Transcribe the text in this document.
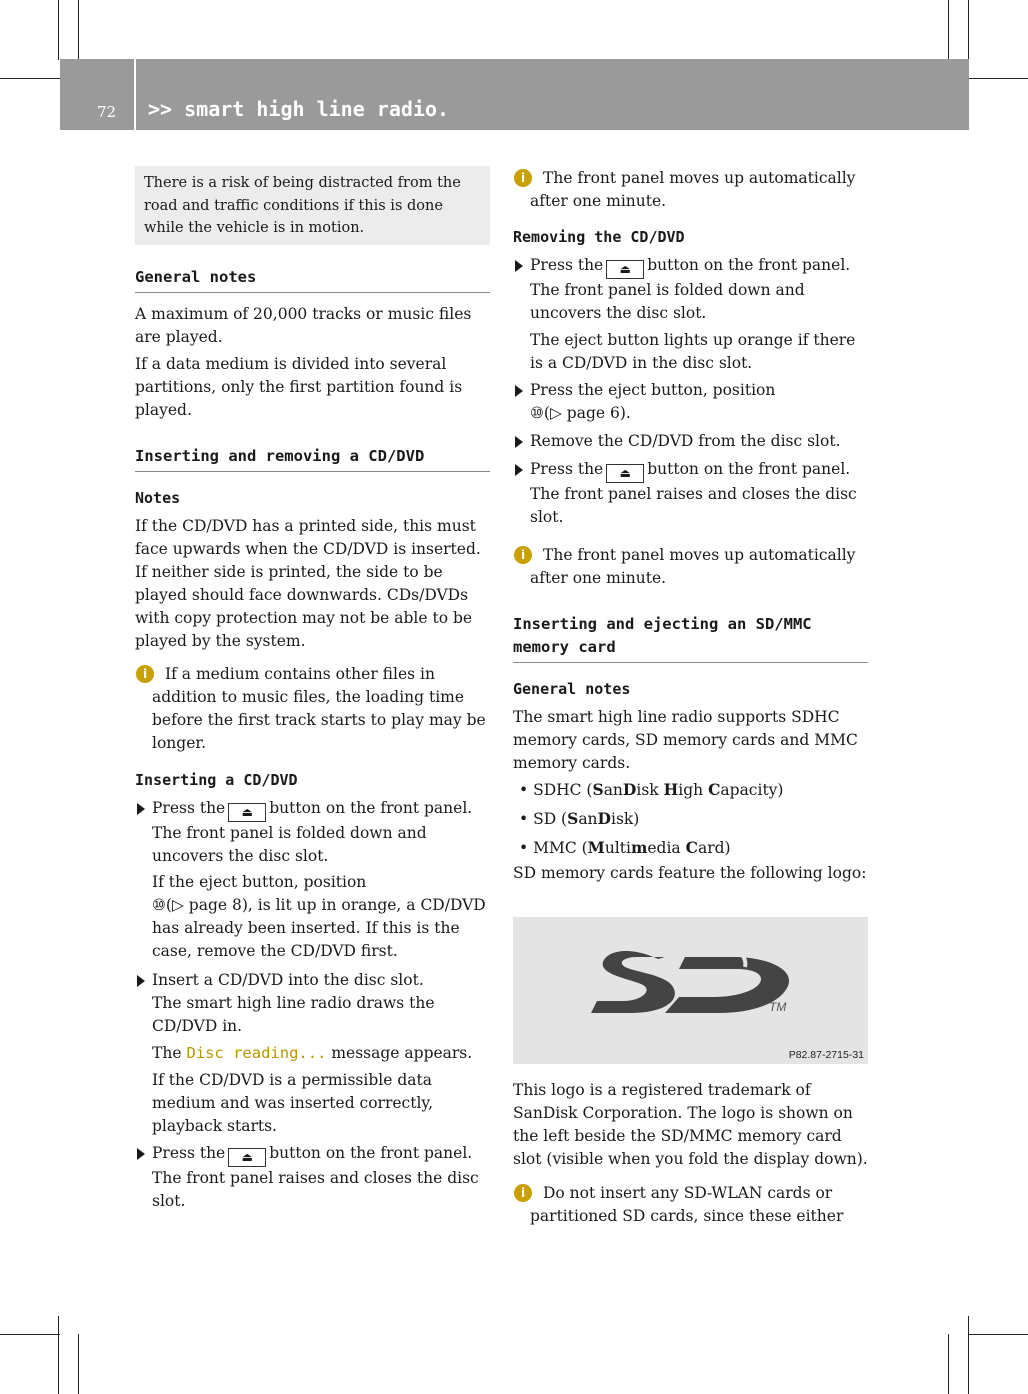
72 >> smart high line radio.
There is a risk of being distracted from the road and traffic conditions if this is done while the vehicle is in motion.
General notes

A maximum of 20,000 tracks or music files are played.

If a data medium is divided into several partitions, only the first partition found is played.

Inserting and removing a CD/DVD
Notes

If the CD/DVD has a printed side, this must face upwards when the CD/DVD is inserted. If neither side is printed, the side to be played should face downwards. CDs/DVDs with copy protection may not be able to be played by the system.

i	If a medium contains other files in addition to music files, the loading time before the first track starts to play may be longer.

Inserting a CD/DVD

Press the ⏏ button on the front panel.

The front panel is folded down and uncovers the disc slot.

If the eject button, position
⑩(▷ page 8), is lit up in orange, a CD/DVD has already been inserted. If this is the case, remove the CD/DVD first.

Insert a CD/DVD into the disc slot.

The smart high line radio draws the CD/DVD in.

The Disc reading... message appears.

If the CD/DVD is a permissible data medium and was inserted correctly, playback starts.

Press the ⏏ button on the front panel.

The front panel raises and closes the disc slot.

i	The front panel moves up automatically after one minute.

Removing the CD/DVD

Press the ⏏ button on the front panel.

The front panel is folded down and uncovers the disc slot.

The eject button lights up orange if there is a CD/DVD in the disc slot.

Press the eject button, position
⑩(▷ page 6).

Remove the CD/DVD from the disc slot.

Press the ⏏ button on the front panel.

The front panel raises and closes the disc slot.

i	The front panel moves up automatically after one minute.

Inserting and ejecting an SD/MMC memory card
General notes

The smart high line radio supports SDHC memory cards, SD memory cards and MMC memory cards.

• SDHC (SanDisk High Capacity)

• SD (SanDisk)

• MMC (Multimedia Card)

SD memory cards feature the following logo:

TM
P82.87-2715-31

This logo is a registered trademark of SanDisk Corporation. The logo is shown on the left beside the SD/MMC memory card slot (visible when you fold the display down).

i	Do not insert any SD-WLAN cards or partitioned SD cards, since these either
